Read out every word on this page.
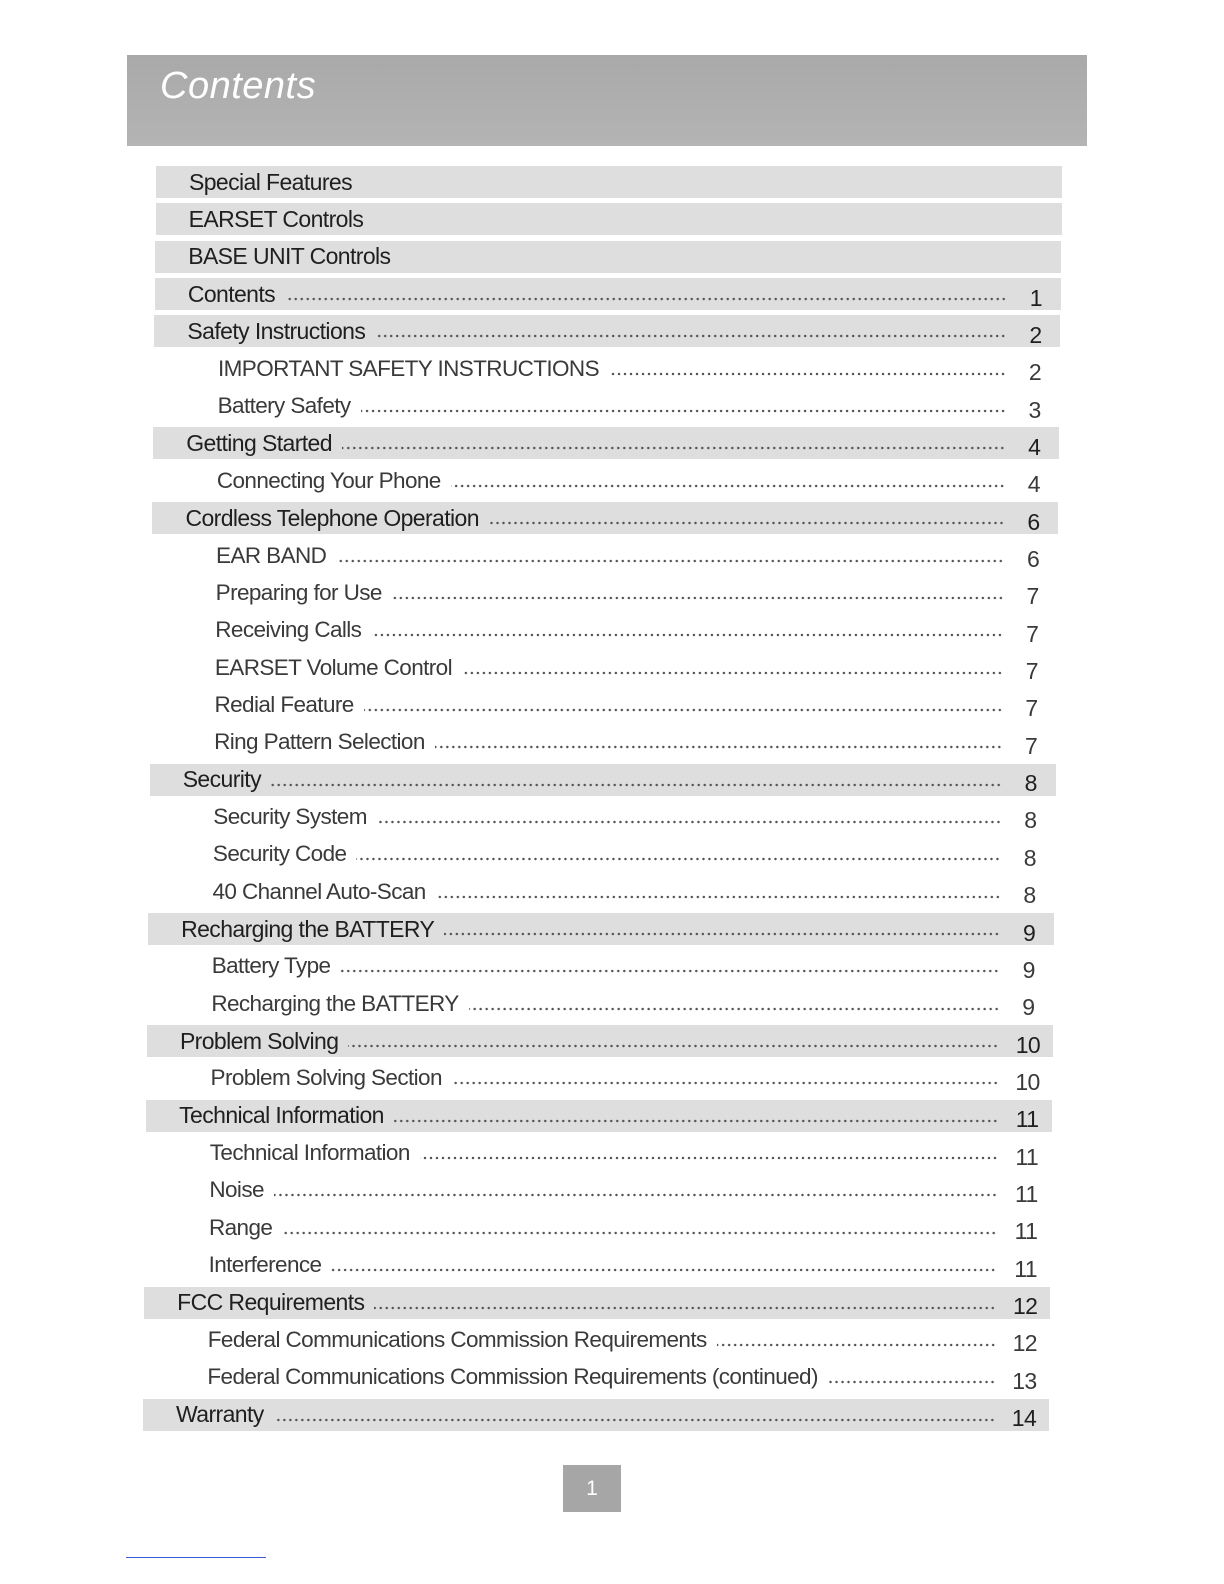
Contents
Special Features
EARSET Controls
BASE UNIT Controls
Contents	1
Safety Instructions	2
IMPORTANT SAFETY INSTRUCTIONS	2
Battery Safety	3
Getting Started	4
Connecting Your Phone	4
Cordless Telephone Operation	6
EAR BAND	6
Preparing for Use	7
Receiving Calls	7
EARSET Volume Control	7
Redial Feature	7
Ring Pattern Selection	7
Security	8
Security System	8
Security Code	8
40 Channel Auto-Scan	8
Recharging the BATTERY	9
Battery Type	9
Recharging the BATTERY	9
Problem Solving	10
Problem Solving Section	10
Technical Information	11
Technical Information	11
Noise	11
Range	11
Interference	11
FCC Requirements	12
Federal Communications Commission Requirements	12
Federal Communications Commission Requirements (continued)	13
Warranty	14
1
